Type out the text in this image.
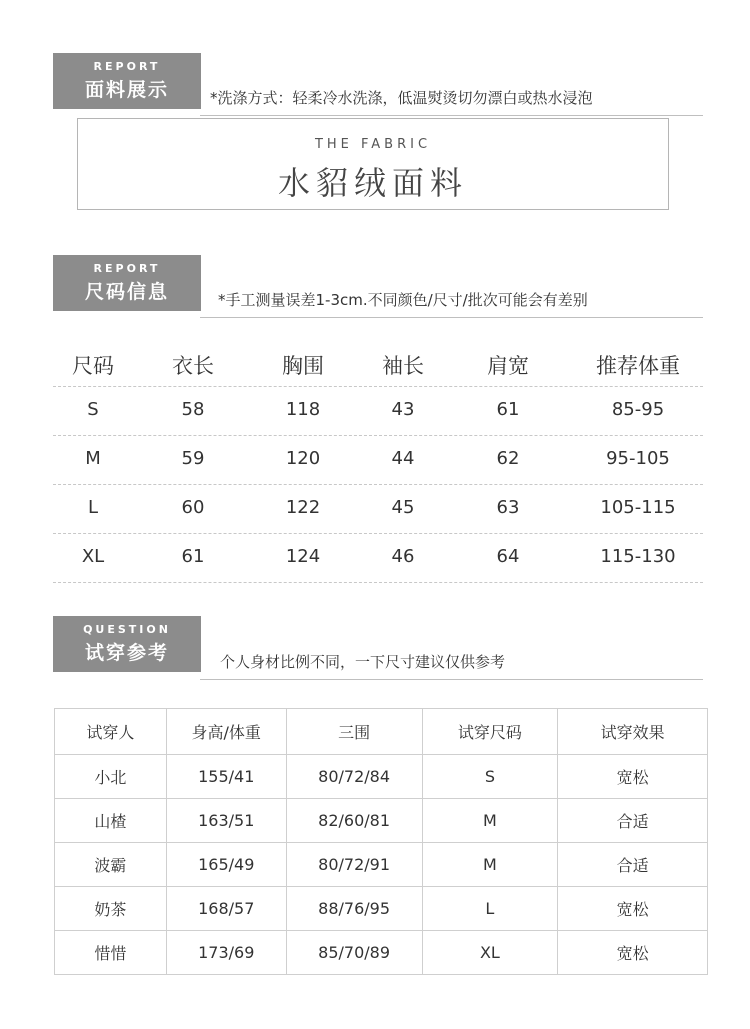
REPORT
面料展示	*洗涤方式：轻柔冷水洗涤，低温熨烫切勿漂白或热水浸泡
THE FABRIC
水貂绒面料
REPORT
尺码信息	*手工测量误差1-3cm.不同颜色/尺寸/批次可能会有差别
尺码	衣长	胸围	袖长	肩宽	推荐体重
S	58	118	43	61	85-95
M	59	120	44	62	95-105
L	60	122	45	63	105-115
XL	61	124	46	64	115-130
QUESTION
试穿参考	个人身材比例不同，一下尺寸建议仅供参考
试穿人	身高/体重	三围	试穿尺码	试穿效果
小北	155/41	80/72/84	S	宽松
山楂	163/51	82/60/81	M	合适
波霸	165/49	80/72/91	M	合适
奶茶	168/57	88/76/95	L	宽松
惜惜	173/69	85/70/89	XL	宽松
